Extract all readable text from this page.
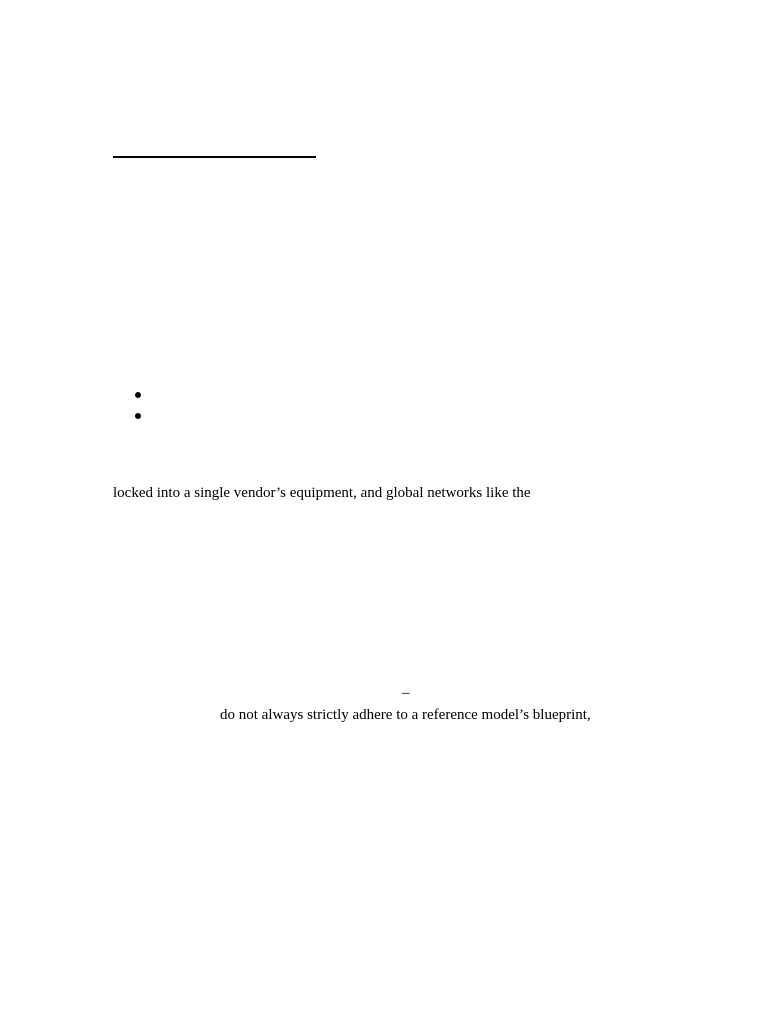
locked into a single vendor’s equipment, and global networks like the
–
do not always strictly adhere to a reference model’s blueprint,
